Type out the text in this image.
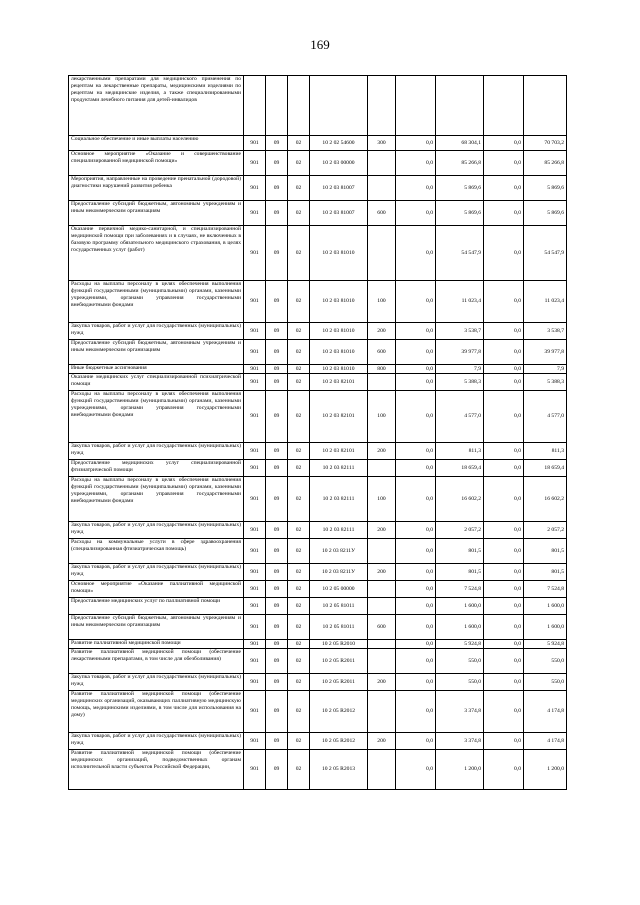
169
лекарственными препаратами для медицинского применения по рецептам на лекарственные препараты, медицинскими изделиями по рецептам на медицинские изделия, а также специализированными продуктами лечебного питания для детей-инвалидов									
Социальное обеспечение и иные выплаты населению	901	09	02	10 2 02 54600	300	0,0	68 304,1	0,0	70 703,2
Основное мероприятие «Оказание и совершенствование специализированной медицинской помощи»	901	09	02	10 2 03 00000		0,0	85 266,8	0,0	85 266,8
Мероприятия, направленные на проведение пренатальной (дородовой) диагностики нарушений развития ребенка	901	09	02	10 2 03 81007		0,0	5 869,6	0,0	5 869,6
Предоставление субсидий бюджетным, автономным учреждениям и иным некоммерческим организациям	901	09	02	10 2 03 81007	600	0,0	5 869,6	0,0	5 869,6
Оказание первичной медико-санитарной, и специализированной медицинской помощи при заболеваниях и в случаях, не включенных в базовую программу обязательного медицинского страхования, в целях государственных услуг (работ)	901	09	02	10 2 03 81010		0,0	54 547,9	0,0	54 547,9
Расходы на выплаты персоналу в целях обеспечения выполнения функций государственными (муниципальными) органами, казенными учреждениями, органами управления государственными внебюджетными фондами	901	09	02	10 2 03 81010	100	0,0	11 023,4	0,0	11 023,4
Закупка товаров, работ и услуг для государственных (муниципальных) нужд	901	09	02	10 2 03 81010	200	0,0	3 538,7	0,0	3 538,7
Предоставление субсидий бюджетным, автономным учреждениям и иным некоммерческим организациям	901	09	02	10 2 03 81010	600	0,0	39 977,8	0,0	39 977,8
Иные бюджетные ассигнования	901	09	02	10 2 03 81010	800	0,0	7,9	0,0	7,9
Оказание медицинских услуг специализированной психиатрической помощи	901	09	02	10 2 03 82101		0,0	5 388,3	0,0	5 388,3
Расходы на выплаты персоналу в целях обеспечения выполнения функций государственными (муниципальными) органами, казенными учреждениями, органами управления государственными внебюджетными фондами	901	09	02	10 2 03 82101	100	0,0	4 577,0	0,0	4 577,0
Закупка товаров, работ и услуг для государственных (муниципальных) нужд	901	09	02	10 2 03 82101	200	0,0	811,3	0,0	811,3
Предоставление медицинских услуг специализированной фтизиатрической помощи	901	09	02	10 2 03 82111		0,0	18 659,4	0,0	18 659,4
Расходы на выплаты персоналу в целях обеспечения выполнения функций государственными (муниципальными) органами, казенными учреждениями, органами управления государственными внебюджетными фондами	901	09	02	10 2 03 82111	100	0,0	16 602,2	0,0	16 602,2
Закупка товаров, работ и услуг для государственных (муниципальных) нужд	901	09	02	10 2 03 82111	200	0,0	2 057,2	0,0	2 057,2
Расходы на коммунальные услуги в сфере здравоохранения (специализированная фтизиатрическая помощь)	901	09	02	10 2 03 8211У		0,0	801,5	0,0	801,5
Закупка товаров, работ и услуг для государственных (муниципальных) нужд	901	09	02	10 2 03 8211У	200	0,0	801,5	0,0	801,5
Основное мероприятие «Оказание паллиативной медицинской помощи»	901	09	02	10 2 05 00000		0,0	7 524,8	0,0	7 524,8
Предоставление медицинских услуг по паллиативной помощи	901	09	02	10 2 05 81011		0,0	1 600,0	0,0	1 600,0
Предоставление субсидий бюджетным, автономным учреждениям и иным некоммерческим организациям	901	09	02	10 2 05 81011	600	0,0	1 600,0	0,0	1 600,0
Развитие паллиативной медицинской помощи	901	09	02	10 2 05 R2010		0,0	5 924,8	0,0	5 924,8
Развитие паллиативной медицинской помощи (обеспечение лекарственными препаратами, в том числе для обезболивания)	901	09	02	10 2 05 R2011		0,0	550,0	0,0	550,0
Закупка товаров, работ и услуг для государственных (муниципальных) нужд	901	09	02	10 2 05 R2011	200	0,0	550,0	0,0	550,0
Развитие паллиативной медицинской помощи (обеспечение медицинских организаций, оказывающих паллиативную медицинскую помощь, медицинскими изделиями, в том числе для использования на дому)	901	09	02	10 2 05 R2012		0,0	3 374,8	0,0	4 174,8
Закупка товаров, работ и услуг для государственных (муниципальных) нужд	901	09	02	10 2 05 R2012	200	0,0	3 374,8	0,0	4 174,8
Развитие паллиативной медицинской помощи (обеспечение медицинских организаций, подведомственных органам исполнительной власти субъектов Российской Федерации,	901	09	02	10 2 05 R2013		0,0	1 200,0	0,0	1 200,0
